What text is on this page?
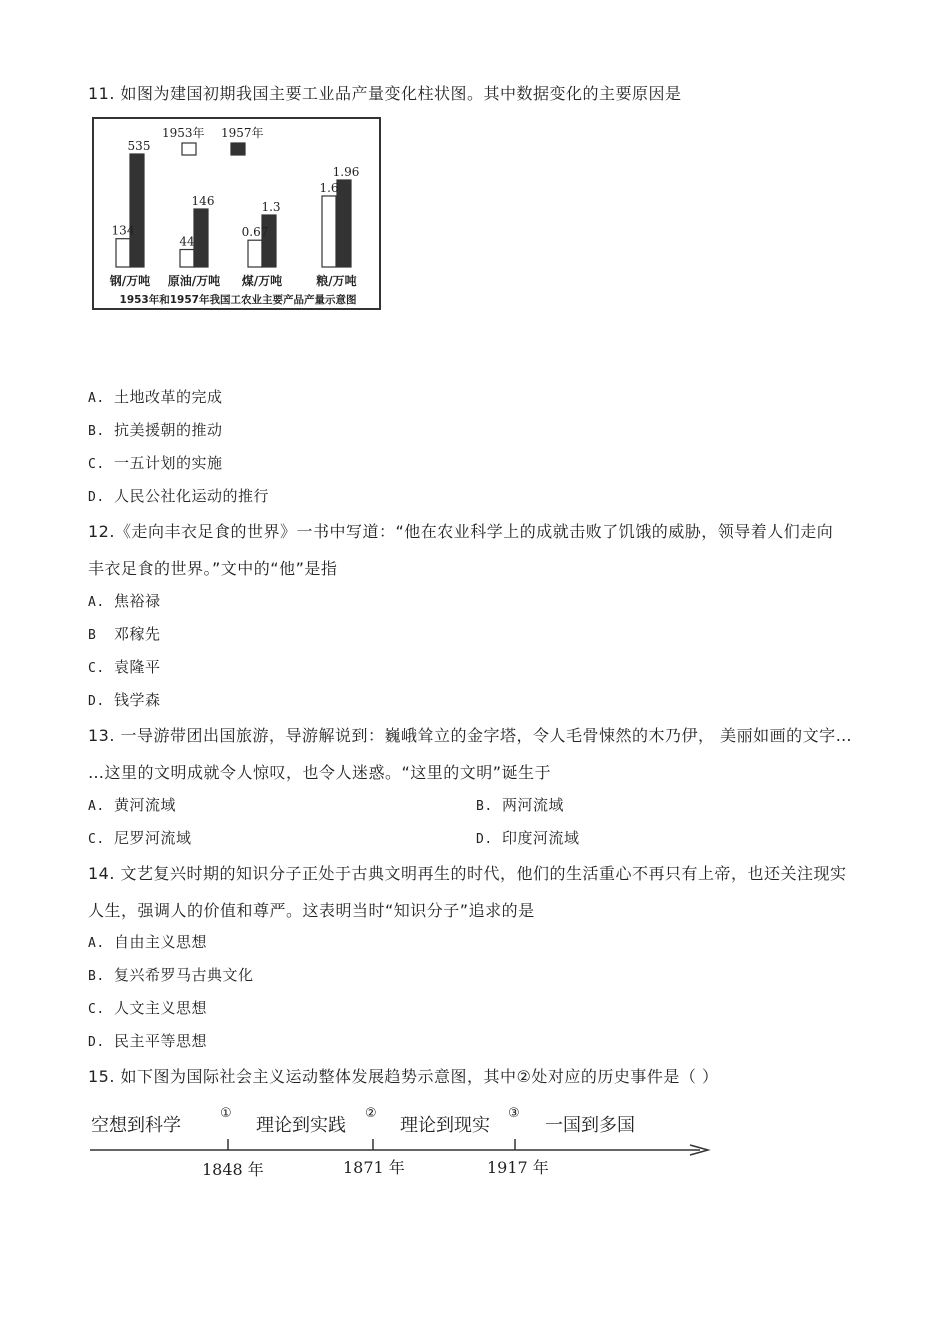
11. 如图为建国初期我国主要工业品产量变化柱状图。其中数据变化的主要原因是
134
535
钢/万吨
44
146
原油/万吨
0.67
1.3
煤/万吨
1.6
1.96
粮/万吨
1953年 1957年
1953年和1957年我国工农业主要产品产量示意图
A. 土地改革的完成
B. 抗美援朝的推动
C. 一五计划的实施
D. 人民公社化运动的推行
12.《走向丰衣足食的世界》一书中写道：“他在农业科学上的成就击败了饥饿的威胁，领导着人们走向
丰衣足食的世界。”文中的“他”是指
A. 焦裕禄
B 邓稼先
C. 袁隆平
D. 钱学森
13. 一导游带团出国旅游，导游解说到：巍峨耸立的金字塔，令人毛骨悚然的木乃伊， 美丽如画的文字…
…这里的文明成就令人惊叹，也令人迷惑。“这里的文明”诞生于
A. 黄河流域	B. 两河流域
C. 尼罗河流域	D. 印度河流域
14. 文艺复兴时期的知识分子正处于古典文明再生的时代，他们的生活重心不再只有上帝，也还关注现实
人生，强调人的价值和尊严。这表明当时“知识分子”追求的是
A. 自由主义思想
B. 复兴希罗马古典文化
C. 人文主义思想
D. 民主平等思想
15. 如下图为国际社会主义运动整体发展趋势示意图，其中②处对应的历史事件是（ ）
空想到科学	理论到实践	理论到现实	一国到多国
①	②	③
1848 年	1871 年	1917 年
